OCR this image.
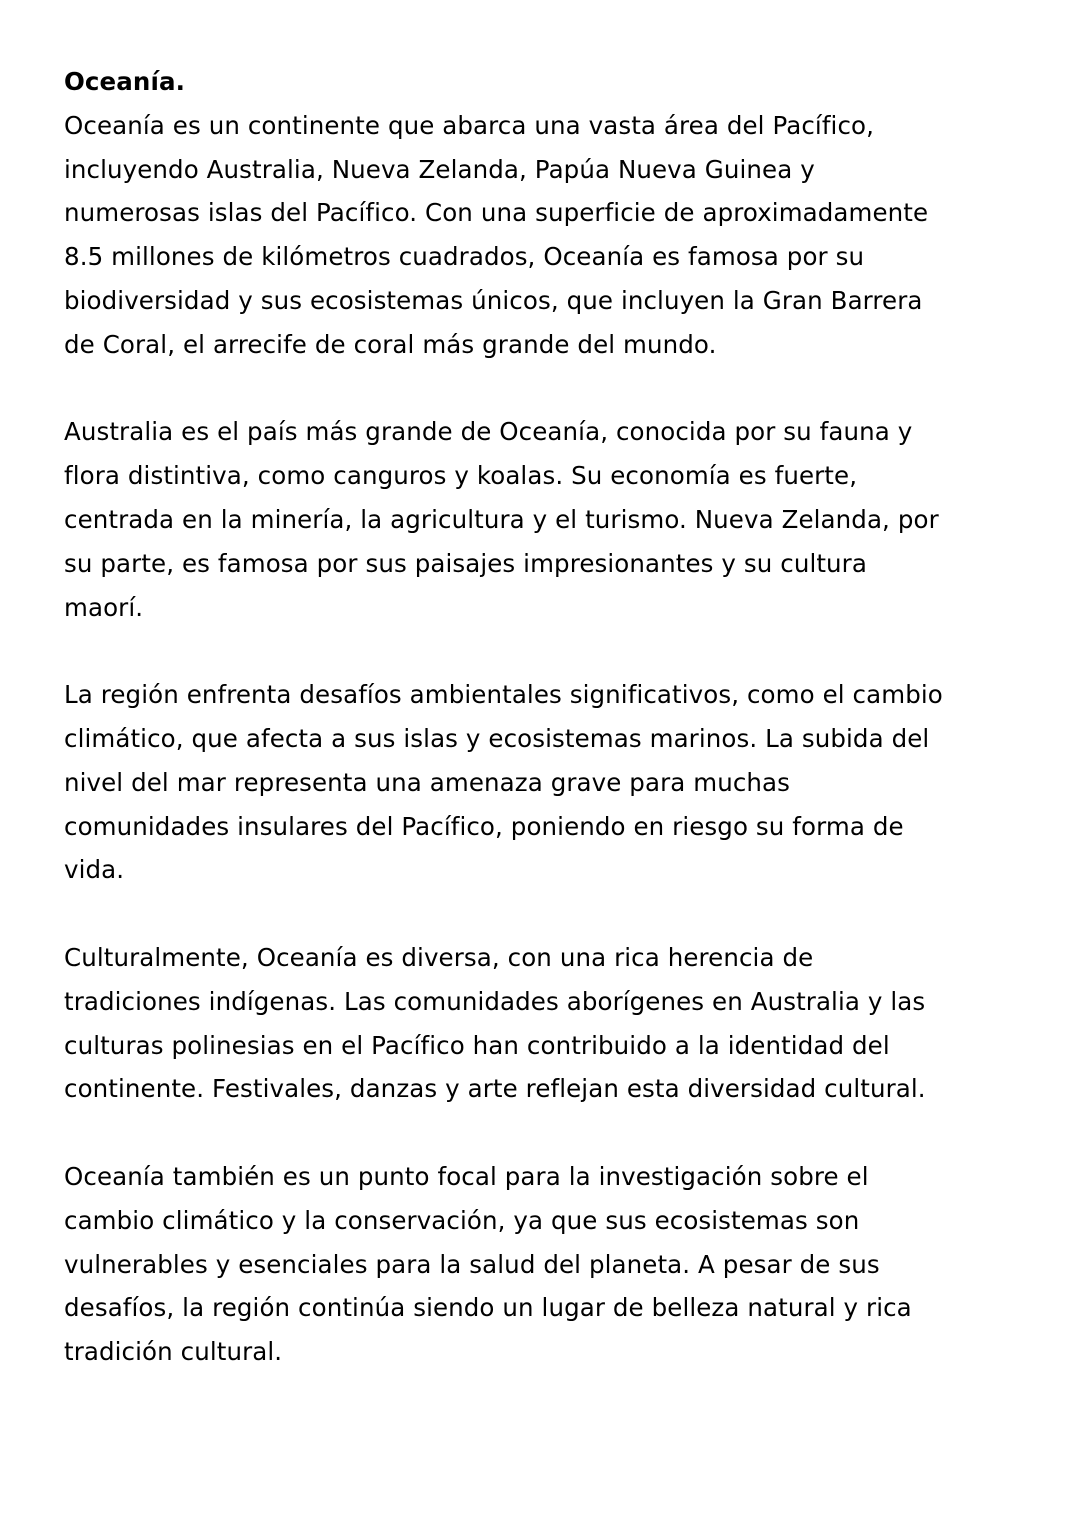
Oceanía.

Oceanía es un continente que abarca una vasta área del Pacífico, incluyendo Australia, Nueva Zelanda, Papúa Nueva Guinea y numerosas islas del Pacífico. Con una superficie de aproximadamente 8.5 millones de kilómetros cuadrados, Oceanía es famosa por su biodiversidad y sus ecosistemas únicos, que incluyen la Gran Barrera de Coral, el arrecife de coral más grande del mundo.

Australia es el país más grande de Oceanía, conocida por su fauna y flora distintiva, como canguros y koalas. Su economía es fuerte, centrada en la minería, la agricultura y el turismo. Nueva Zelanda, por su parte, es famosa por sus paisajes impresionantes y su cultura maorí.

La región enfrenta desafíos ambientales significativos, como el cambio climático, que afecta a sus islas y ecosistemas marinos. La subida del nivel del mar representa una amenaza grave para muchas comunidades insulares del Pacífico, poniendo en riesgo su forma de vida.

Culturalmente, Oceanía es diversa, con una rica herencia de tradiciones indígenas. Las comunidades aborígenes en Australia y las culturas polinesias en el Pacífico han contribuido a la identidad del continente. Festivales, danzas y arte reflejan esta diversidad cultural.

Oceanía también es un punto focal para la investigación sobre el cambio climático y la conservación, ya que sus ecosistemas son vulnerables y esenciales para la salud del planeta. A pesar de sus desafíos, la región continúa siendo un lugar de belleza natural y rica tradición cultural.
